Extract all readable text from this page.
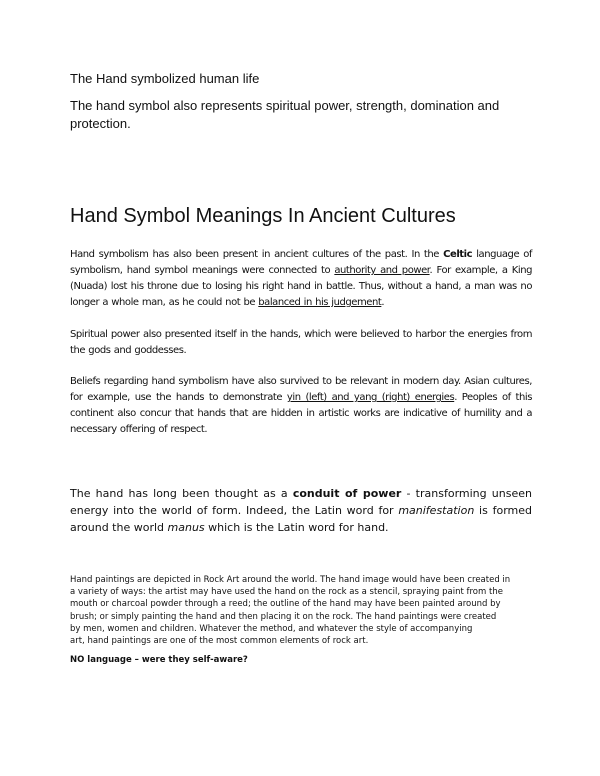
The Hand symbolized human life
The hand symbol also represents spiritual power, strength, domination and protection.
Hand Symbol Meanings In Ancient Cultures

Hand symbolism has also been present in ancient cultures of the past. In the Celtic language of symbolism, hand symbol meanings were connected to authority and power. For example, a King (Nuada) lost his throne due to losing his right hand in battle. Thus, without a hand, a man was no longer a whole man, as he could not be balanced in his judgement.

Spiritual power also presented itself in the hands, which were believed to harbor the energies from the gods and goddesses.

Beliefs regarding hand symbolism have also survived to be relevant in modern day. Asian cultures, for example, use the hands to demonstrate yin (left) and yang (right) energies. Peoples of this continent also concur that hands that are hidden in artistic works are indicative of humility and a necessary offering of respect.

The hand has long been thought as a conduit of power - transforming unseen energy into the world of form. Indeed, the Latin word for manifestation is formed around the world manus which is the Latin word for hand.

Hand paintings are depicted in Rock Art around the world. The hand image would have been created in
a variety of ways: the artist may have used the hand on the rock as a stencil, spraying paint from the
mouth or charcoal powder through a reed; the outline of the hand may have been painted around by
brush; or simply painting the hand and then placing it on the rock. The hand paintings were created
by men, women and children. Whatever the method, and whatever the style of accompanying
art, hand paintings are one of the most common elements of rock art.

NO language – were they self-aware?
